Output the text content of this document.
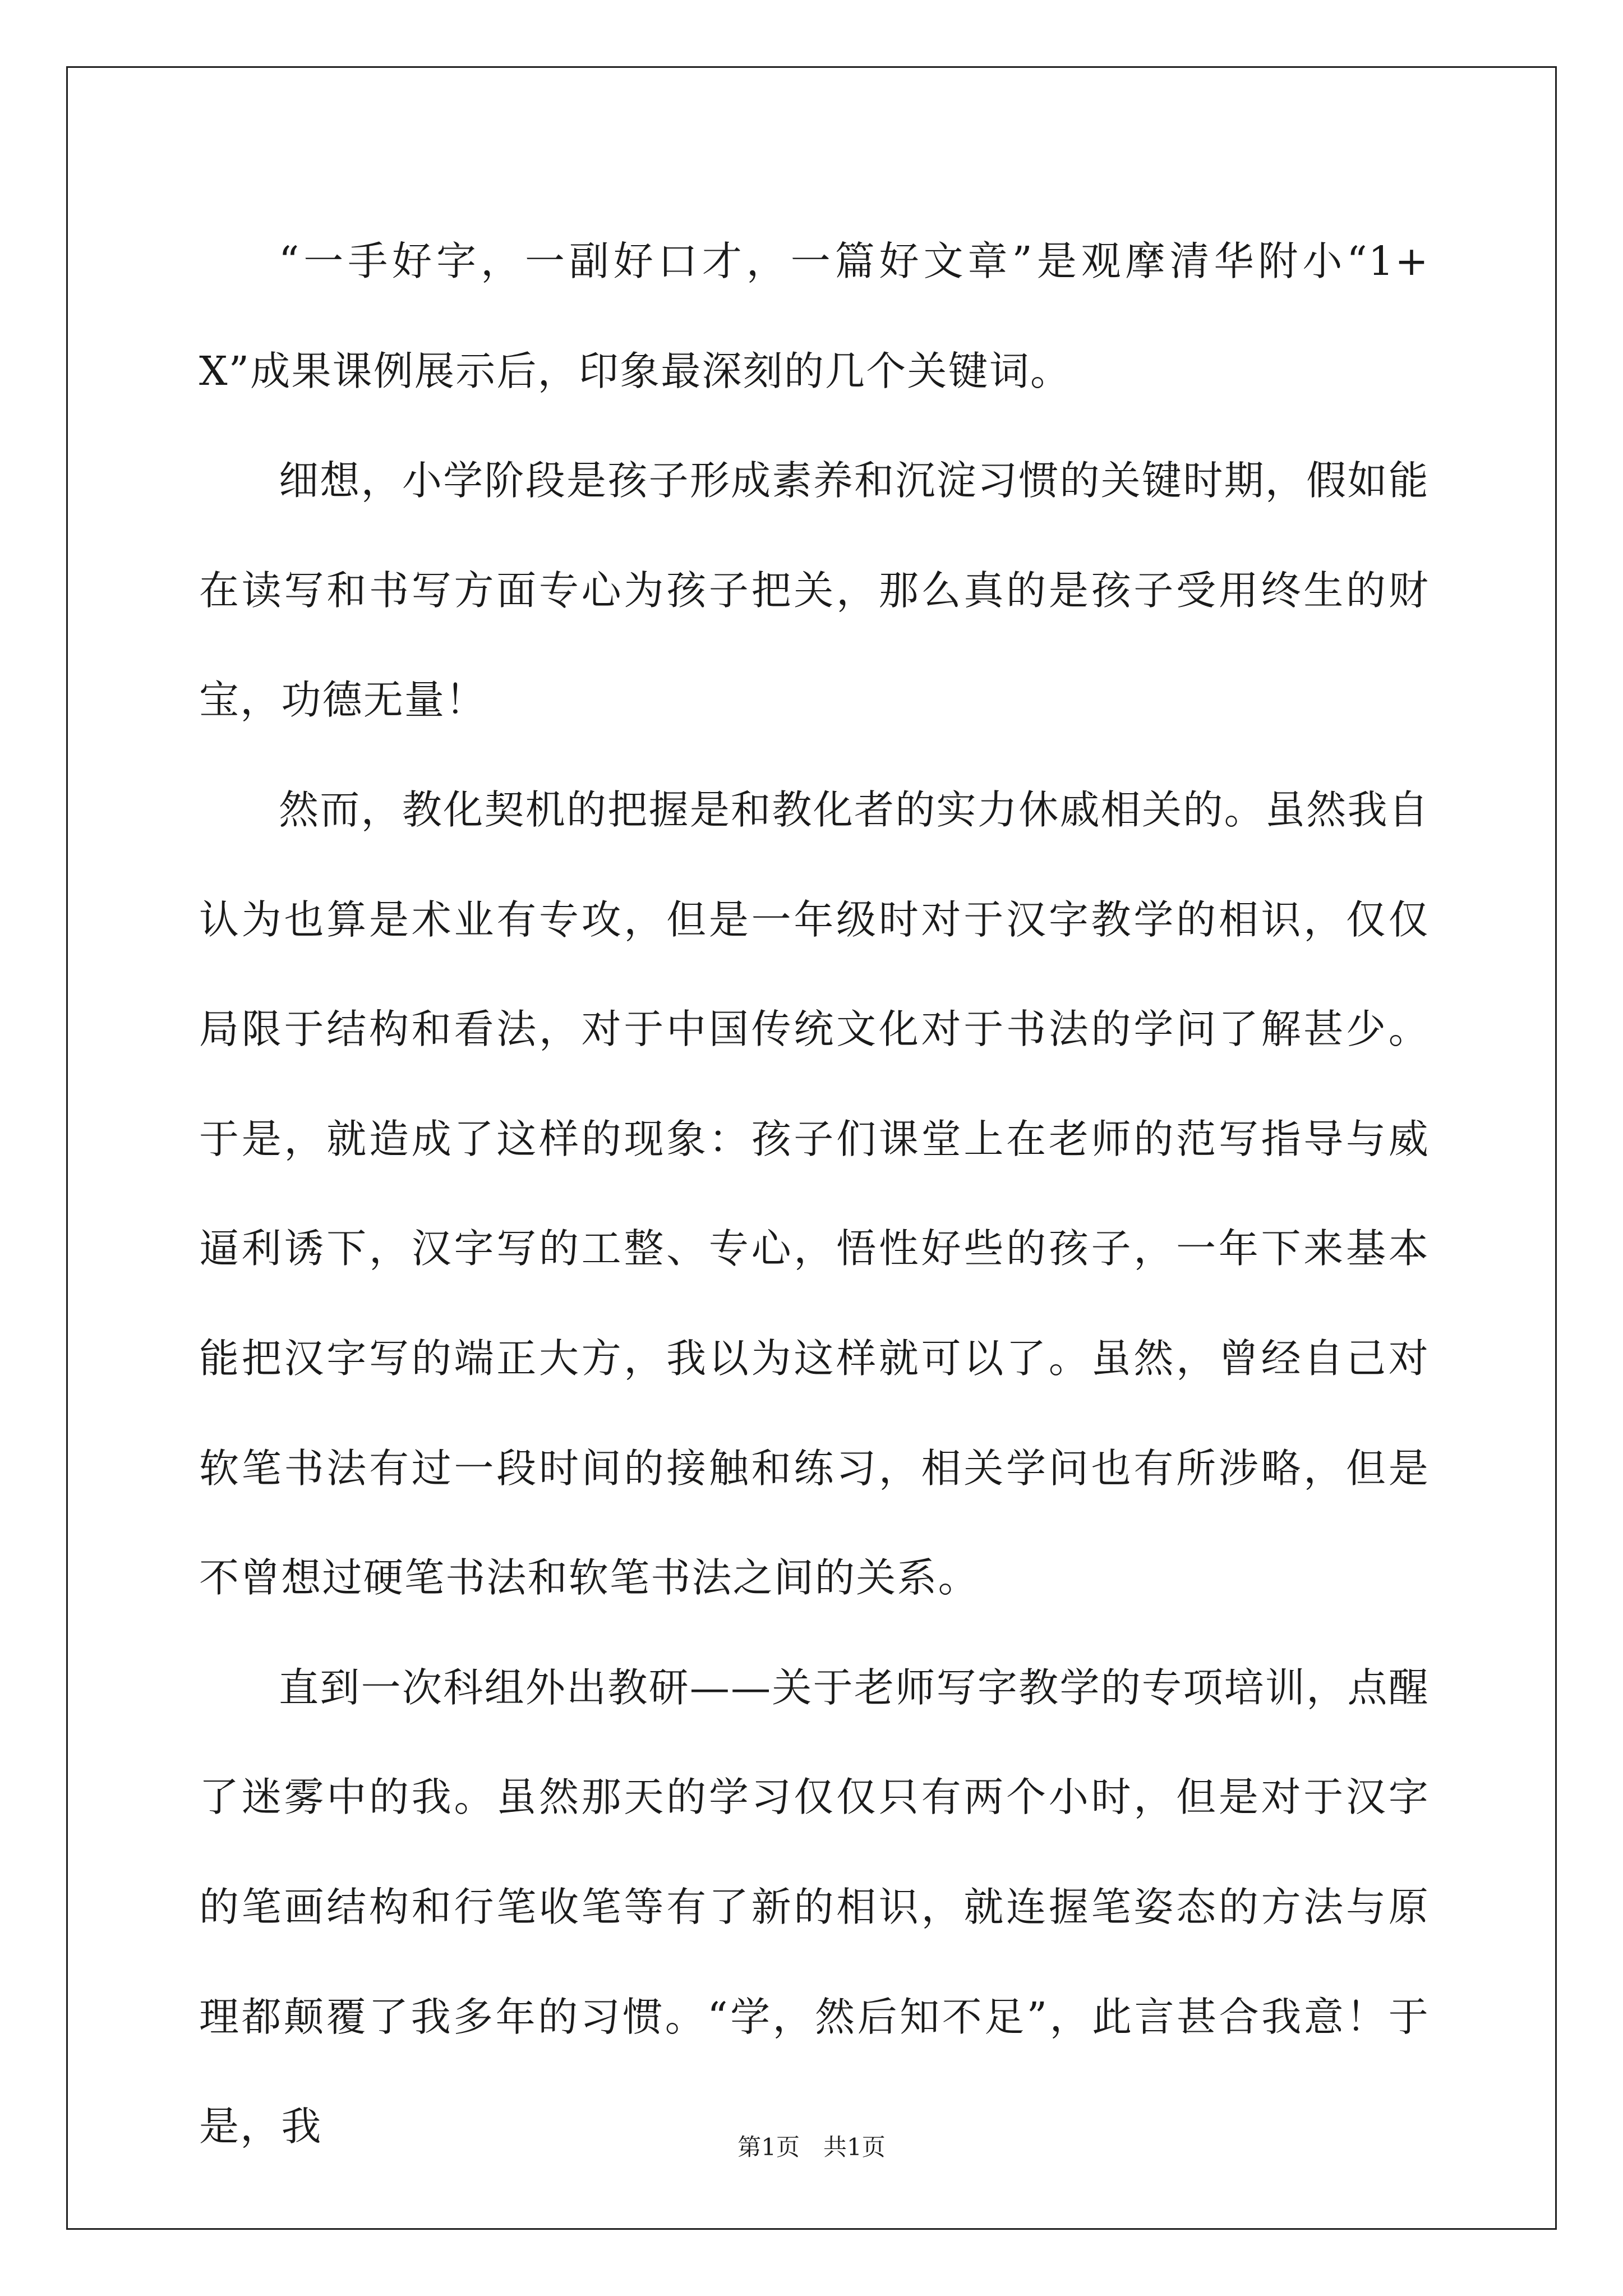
“一手好字，一副好口才，一篇好文章”是观摩清华附小“1+X”成果课例展示后，印象最深刻的几个关键词。

细想，小学阶段是孩子形成素养和沉淀习惯的关键时期，假如能在读写和书写方面专心为孩子把关，那么真的是孩子受用终生的财宝，功德无量！

然而，教化契机的把握是和教化者的实力休戚相关的。虽然我自认为也算是术业有专攻，但是一年级时对于汉字教学的相识，仅仅局限于结构和看法，对于中国传统文化对于书法的学问了解甚少。于是，就造成了这样的现象：孩子们课堂上在老师的范写指导与威逼利诱下，汉字写的工整、专心，悟性好些的孩子，一年下来基本能把汉字写的端正大方，我以为这样就可以了。虽然，曾经自己对软笔书法有过一段时间的接触和练习，相关学问也有所涉略，但是不曾想过硬笔书法和软笔书法之间的关系。

直到一次科组外出教研——关于老师写字教学的专项培训，点醒了迷雾中的我。虽然那天的学习仅仅只有两个小时，但是对于汉字的笔画结构和行笔收笔等有了新的相识，就连握笔姿态的方法与原理都颠覆了我多年的习惯。“学，然后知不足”，此言甚合我意！于是，我	第1页　共1页
